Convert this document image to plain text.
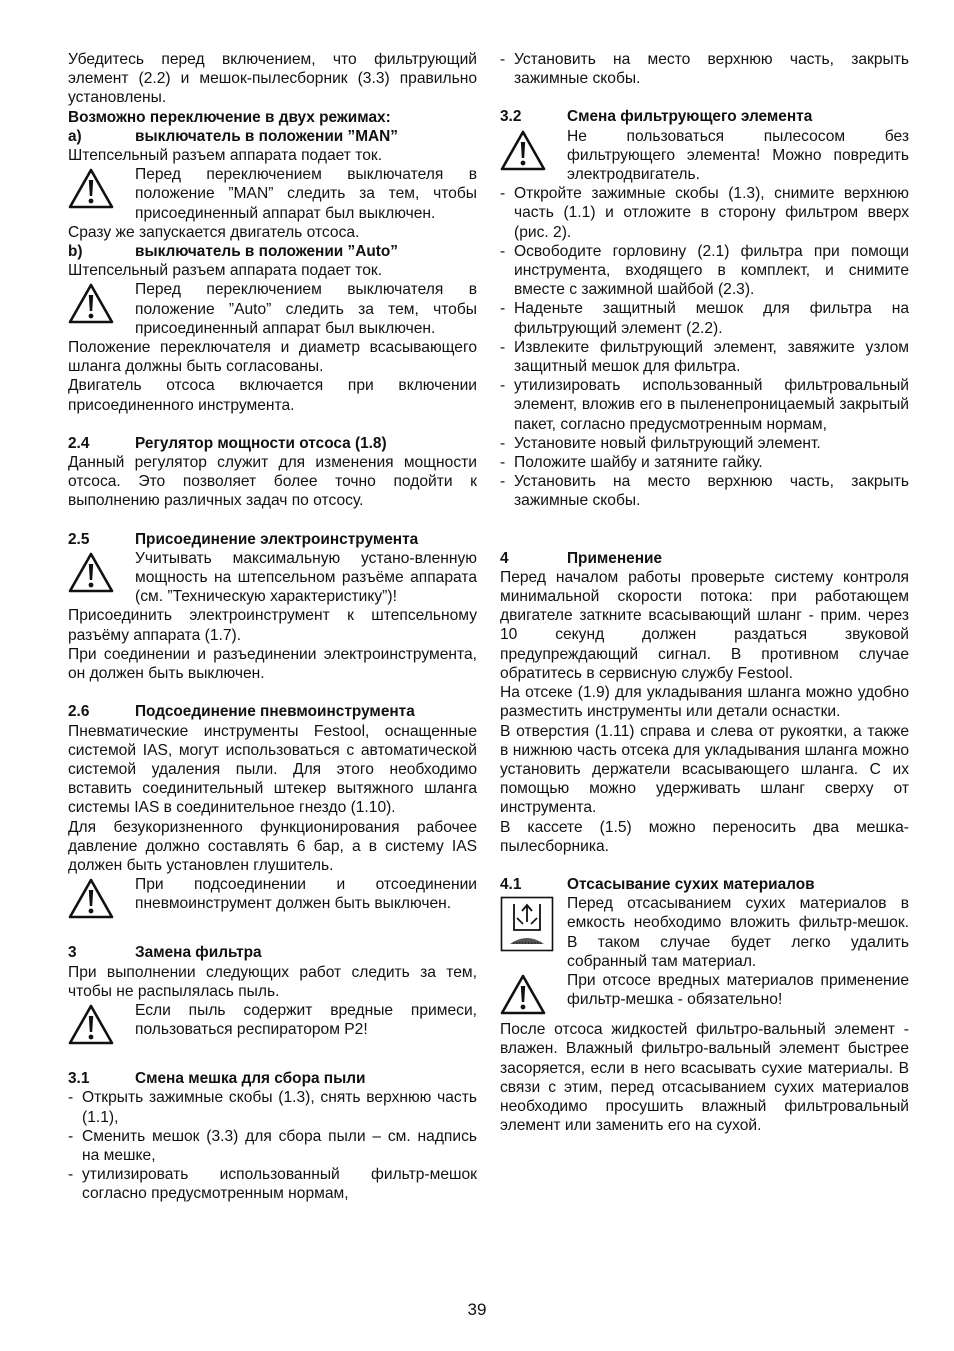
Убедитесь перед включением, что фильтрующий элемент (2.2) и мешок-пылесборник (3.3) правильно установлены.

Возможно переключение в двух режимах:
a)	выключатель в положении ”MAN”

Штепсельный разъем аппарата подает ток.

Перед переключением выключателя в положение ”MAN” следить за тем, чтобы присоединенный аппарат был выключен.

Сразу же запускается двигатель отсоса.

b)	выключатель в положении ”Auto”

Штепсельный разъем аппарата подает ток.

Перед переключением выключателя в положение ”Auto” следить за тем, чтобы присоединенный аппарат был выключен.

Положение переключателя и диаметр всасывающего шланга должны быть согласованы.

Двигатель отсоса включается при включении присоединенного инструмента.

2.4	Регулятор мощности отсоса (1.8)

Данный регулятор служит для изменения мощности отсоса. Это позволяет более точно подойти к выполнению различных задач по отсосу.

2.5	Присоединение электроинструмента
Учитывать максимальную устано-вленную мощность на штепсельном разъёме аппарата (см. ”Техническую характеристику”)!

Присоединить электроинструмент к штепсельному разъёму аппарата (1.7).

При соединении и разъединении электроинструмента, он должен быть выключен.

2.6	Подсоединение пневмоинструмента

Пневматические инструменты Festool, оснащенные системой IAS, могут использоваться с автоматической системой удаления пыли. Для этого необходимо вставить соединительный штекер вытяжного шланга системы IAS в соединительное гнездо (1.10).

Для безукоризненного функционирования рабочее давление должно составлять 6 бар, а в систему IAS должен быть установлен глушитель.

При подсоединении и отсоединении пневмоинструмент должен быть выключен.
3	Замена фильтра

При выполнении следующих работ следить за тем, чтобы не распылялась пыль.

Если пыль содержит вредные примеси, пользоваться респиратором P2!
3.1	Смена мешка для сбора пыли
- Открыть зажимные скобы (1.3), снять верхнюю часть (1.1),
- Сменить мешок (3.3) для сбора пыли – см. надпись на мешке,
- утилизировать использованный фильтр-мешок согласно предусмотренным нормам,
- Установить на место верхнюю часть, закрыть зажимные скобы.
3.2	Смена фильтрующего элемента
Не пользоваться пылесосом без фильтрующего элемента! Можно повредить электродвигатель.
- Откройте зажимные скобы (1.3), снимите верхнюю часть (1.1) и отложите в сторону фильтром вверх (рис. 2).
- Освободите горловину (2.1) фильтра при помощи инструмента, входящего в комплект, и снимите вместе с зажимной шайбой (2.3).
- Наденьте защитный мешок для фильтра на фильтрующий элемент (2.2).
- Извлеките фильтрующий элемент, завяжите узлом защитный мешок для фильтра.
- утилизировать использованный фильтровальный элемент, вложив его в пыленепроницаемый закрытый пакет, согласно предусмотренным нормам,
- Установите новый фильтрующий элемент.
- Положите шайбу и затяните гайку.
- Установить на место верхнюю часть, закрыть зажимные скобы.
4	Применение

Перед началом работы проверьте систему контроля минимальной скорости потока: при работающем двигателе заткните всасывающий шланг - прим. через 10 секунд должен раздаться звуковой предупреждающий сигнал. В противном случае обратитесь в сервисную службу Festool.

На отсеке (1.9) для укладывания шланга можно удобно разместить инструменты или детали оснастки.

В отверстия (1.11) справа и слева от рукоятки, а также в нижнюю часть отсека для укладывания шланга можно установить держатели всасывающего шланга. С их помощью можно удерживать шланг сверху от инструмента.

В кассете (1.5) можно переносить два мешка-пылесборника.

4.1	Отсасывание сухих материалов
Перед отсасыванием сухих материалов в емкость необходимо вложить фильтр-мешок. В таком случае будет легко удалить собранный там материал.
При отсосе вредных материалов применение фильтр-мешка - обязательно!

После отсоса жидкостей фильтро-вальный элемент - влажен. Влажный фильтро-вальный элемент быстрее засоряется, если в него всасывать сухие материалы. В связи с этим, перед отсасыванием сухих материалов необходимо просушить влажный фильтровальный элемент или заменить его на сухой.

39
